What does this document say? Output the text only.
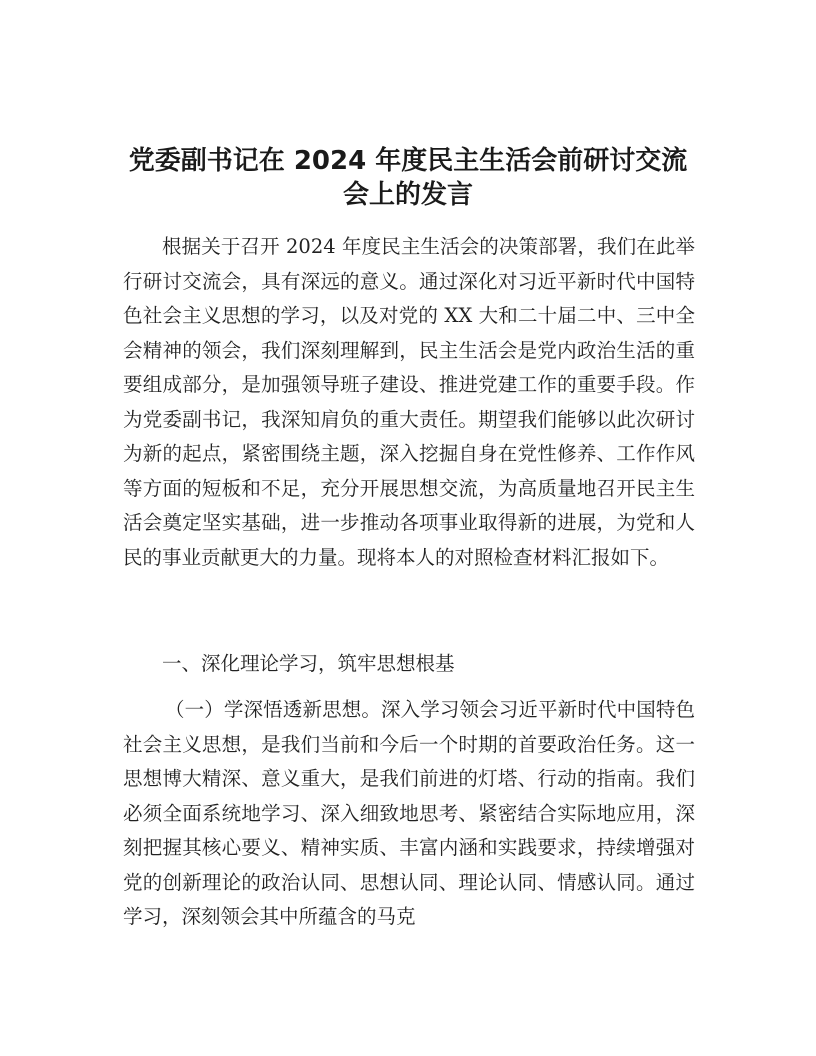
党委副书记在 2024 年度民主生活会前研讨交流
会上的发言

根据关于召开 2024 年度民主生活会的决策部署，我们在此举行研讨交流会，具有深远的意义。通过深化对习近平新时代中国特色社会主义思想的学习，以及对党的 XX 大和二十届二中、三中全会精神的领会，我们深刻理解到，民主生活会是党内政治生活的重要组成部分，是加强领导班子建设、推进党建工作的重要手段。作为党委副书记，我深知肩负的重大责任。期望我们能够以此次研讨为新的起点，紧密围绕主题，深入挖掘自身在党性修养、工作作风等方面的短板和不足，充分开展思想交流，为高质量地召开民主生活会奠定坚实基础，进一步推动各项事业取得新的进展，为党和人民的事业贡献更大的力量。现将本人的对照检查材料汇报如下。

一、深化理论学习，筑牢思想根基

（一）学深悟透新思想。深入学习领会习近平新时代中国特色社会主义思想，是我们当前和今后一个时期的首要政治任务。这一思想博大精深、意义重大，是我们前进的灯塔、行动的指南。我们必须全面系统地学习、深入细致地思考、紧密结合实际地应用，深刻把握其核心要义、精神实质、丰富内涵和实践要求，持续增强对党的创新理论的政治认同、思想认同、理论认同、情感认同。通过学习，深刻领会其中所蕴含的马克
